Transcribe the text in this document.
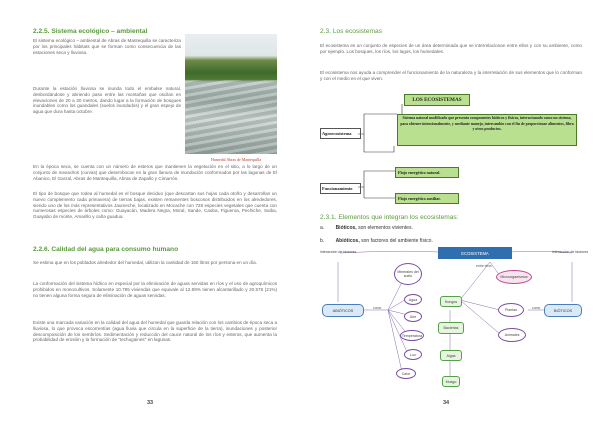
2.2.5. Sistema ecológico – ambiental
El sistema ecológico – ambiental de Abras de Mantequilla se caracteriza por los principales hábitats que se forman como consecuencia de las estaciones seca y lluviosa.
Durante la estación lluviosa se inunda todo el embalse natural, desbordándose y abriendo paso entre las montañas que oscilan en elevaciones de 20 a 30 metros, dando lugar a la formación de bosques inundables como los guandales (suelos inundados) y el gran espejo de agua que dura hasta octubre.
Humedal Abras de Mantequilla
En la época seca, se cuenta con un número de esteros que mantienen la vegetación en el sitio, a lo largo de un conjunto de meandros (curvas) que desembocan en la gran llanura de inundación conformados por las lagunas de El Abanico, El Garzal, Abras de Mantequilla, Abras de Zapallo y Cimarrón.
El tipo de bosque que rodea al humedal es el bosque deciduo (que descartan sus hojas cada otoño y desarrollan un nuevo complemento cada primavera) de tierras bajas, existen remanentes boscosos distribuidos en los alrededores, siendo uno de los más representativos Jaumeche, localizado en Mocache con 728 especies vegetales que cuenta con numerosas especies de árboles como: Guayacán, Madera Negra, Moral, Sande, Caoba, Figueroa, Pechiche, Saiba, Guayabo de monte, Amarillo y caña guadua.
2.2.6. Calidad del agua para consumo humano
Se estima que en los poblados alrededor del humedal, utilizan la cantidad de 150 litros por persona en un día.
La conformación del sistema hídrico en especial por la eliminación de aguas servidas en ríos y el uso de agroquímicos prohibidos en monocultivos. Solamente 10.785 viviendas que equivale al 12.89% tienen alcantarillado y 20.576 (21%) no tienen alguna forma segura de eliminación de aguas servidas.
Existe una marcada variación en la calidad del agua del humedal que guarda relación con los cambios de época seca a lluviosa, lo que provoca escorrentías (agua lluvia que circula en la superficie de la tierra), inundaciones y posterior descomposición de los sembríos. Sedimentación y reducción del cauce natural de los ríos y esteros, que aumenta la probabilidad de erosión y la formación de "techugüines" en lagunas.
33
2.3. Los ecosistemas
El ecosistema es un conjunto de especies de un área determinada que se interrelacionan entre ellos y con su ambiente, como por ejemplo. Los bosques, los ríos, los lagos, los humedales.
El ecosistema nos ayuda a comprender el funcionamiento de la naturaleza y la interrelación de sus elementos que lo conforman y con el medio en el que viven.
LOS ECOSISTEMAS
Agroecosistema
Sistema natural modificado que presenta componentes bióticos y físicos, interactuando como un sistema, para obtener intencionalmente, y mediante manejo, intercambio con el fin de proporcionar alimentos, fibra y otros productos.
Funcionamiento
Flujo energético natural.
Flujo energético auxiliar.
2.3.1. Elementos que integran los ecosistemas:
a. Bióticos, son elementos vivientes.
b. Abióticos, son factores del ambiente físico.
interacción de factores	interacción de factores
ECOSISTEMA
ABIÓTICOS	BIÓTICOS
como
entre ellos
como
Minerales del suelo
Agua
Aire
Temperatura
Luz
Calor
Microorganismos
Hongos
Bacterias
Algas
Musgo
Plantas
Animales
34
